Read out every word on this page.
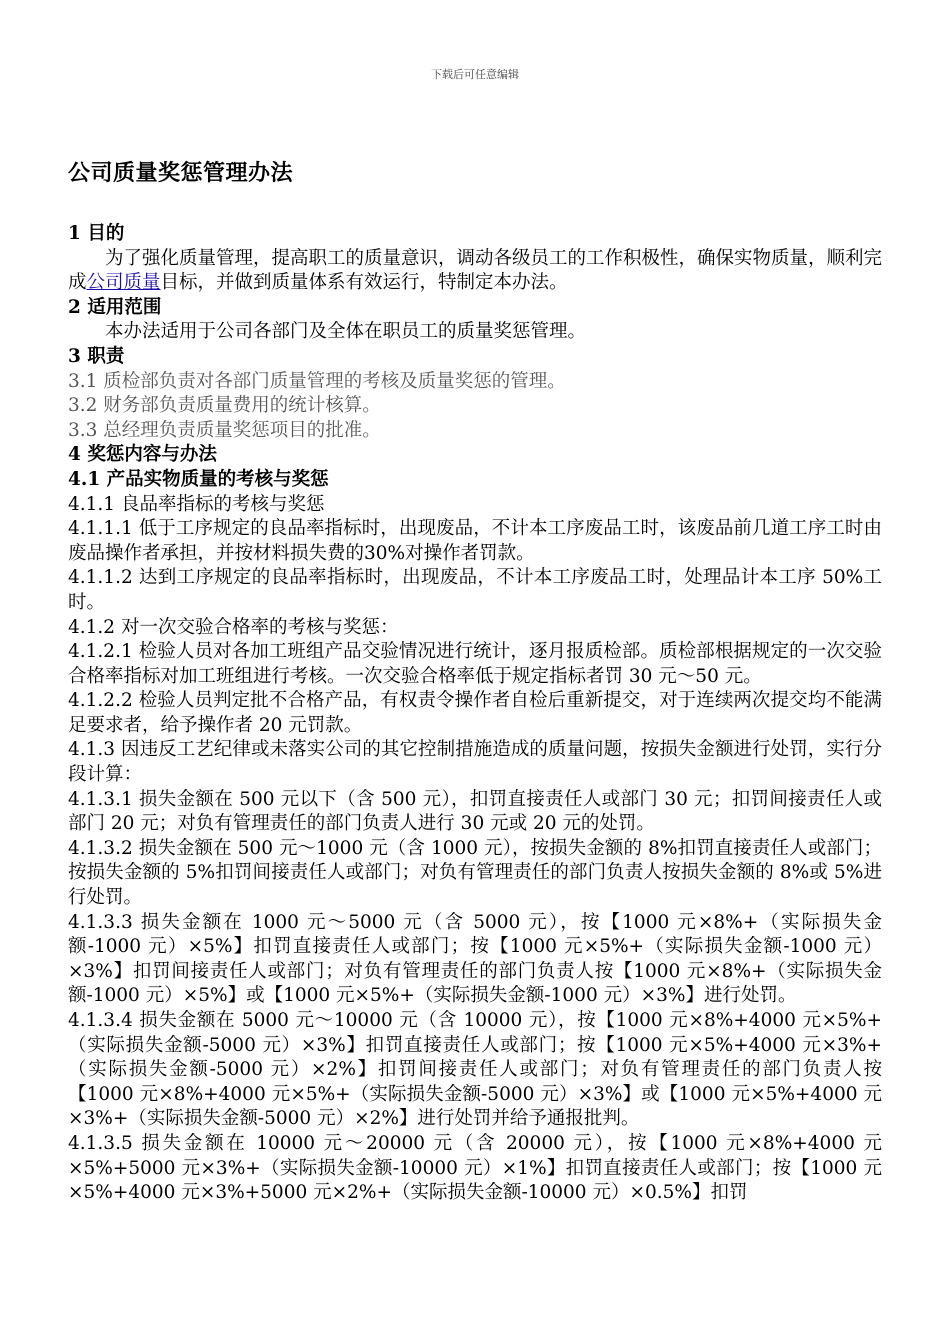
下载后可任意编辑
公司质量奖惩管理办法

1 目的

为了强化质量管理，提高职工的质量意识，调动各级员工的工作积极性，确保实物质量，顺利完成公司质量目标，并做到质量体系有效运行，特制定本办法。

2 适用范围

本办法适用于公司各部门及全体在职员工的质量奖惩管理。

3 职责

3.1 质检部负责对各部门质量管理的考核及质量奖惩的管理。

3.2 财务部负责质量费用的统计核算。

3.3 总经理负责质量奖惩项目的批准。

4 奖惩内容与办法

4.1 产品实物质量的考核与奖惩

4.1.1 良品率指标的考核与奖惩

4.1.1.1 低于工序规定的良品率指标时，出现废品，不计本工序废品工时，该废品前几道工序工时由废品操作者承担，并按材料损失费的30%对操作者罚款。

4.1.1.2 达到工序规定的良品率指标时，出现废品，不计本工序废品工时，处理品计本工序 50%工时。

4.1.2 对一次交验合格率的考核与奖惩：

4.1.2.1 检验人员对各加工班组产品交验情况进行统计，逐月报质检部。质检部根据规定的一次交验合格率指标对加工班组进行考核。一次交验合格率低于规定指标者罚 30 元～50 元。

4.1.2.2 检验人员判定批不合格产品，有权责令操作者自检后重新提交，对于连续两次提交均不能满足要求者，给予操作者 20 元罚款。

4.1.3 因违反工艺纪律或未落实公司的其它控制措施造成的质量问题，按损失金额进行处罚，实行分段计算：

4.1.3.1 损失金额在 500 元以下（含 500 元），扣罚直接责任人或部门 30 元；扣罚间接责任人或部门 20 元；对负有管理责任的部门负责人进行 30 元或 20 元的处罚。

4.1.3.2 损失金额在 500 元～1000 元（含 1000 元），按损失金额的 8%扣罚直接责任人或部门；按损失金额的 5%扣罚间接责任人或部门；对负有管理责任的部门负责人按损失金额的 8%或 5%进行处罚。

4.1.3.3 损失金额在 1000 元～5000 元（含 5000 元），按【1000 元×8%+（实际损失金额-1000 元）×5%】扣罚直接责任人或部门；按【1000 元×5%+（实际损失金额-1000 元）×3%】扣罚间接责任人或部门；对负有管理责任的部门负责人按【1000 元×8%+（实际损失金额-1000 元）×5%】或【1000 元×5%+（实际损失金额-1000 元）×3%】进行处罚。

4.1.3.4 损失金额在 5000 元～10000 元（含 10000 元），按【1000 元×8%+4000 元×5%+（实际损失金额-5000 元）×3%】扣罚直接责任人或部门；按【1000 元×5%+4000 元×3%+（实际损失金额-5000 元）×2%】扣罚间接责任人或部门；对负有管理责任的部门负责人按【1000 元×8%+4000 元×5%+（实际损失金额-5000 元）×3%】或【1000 元×5%+4000 元×3%+（实际损失金额-5000 元）×2%】进行处罚并给予通报批判。

4.1.3.5 损失金额在 10000 元～20000 元（含 20000 元），按【1000 元×8%+4000 元×5%+5000 元×3%+（实际损失金额-10000 元）×1%】扣罚直接责任人或部门；按【1000 元×5%+4000 元×3%+5000 元×2%+（实际损失金额-10000 元）×0.5%】扣罚
